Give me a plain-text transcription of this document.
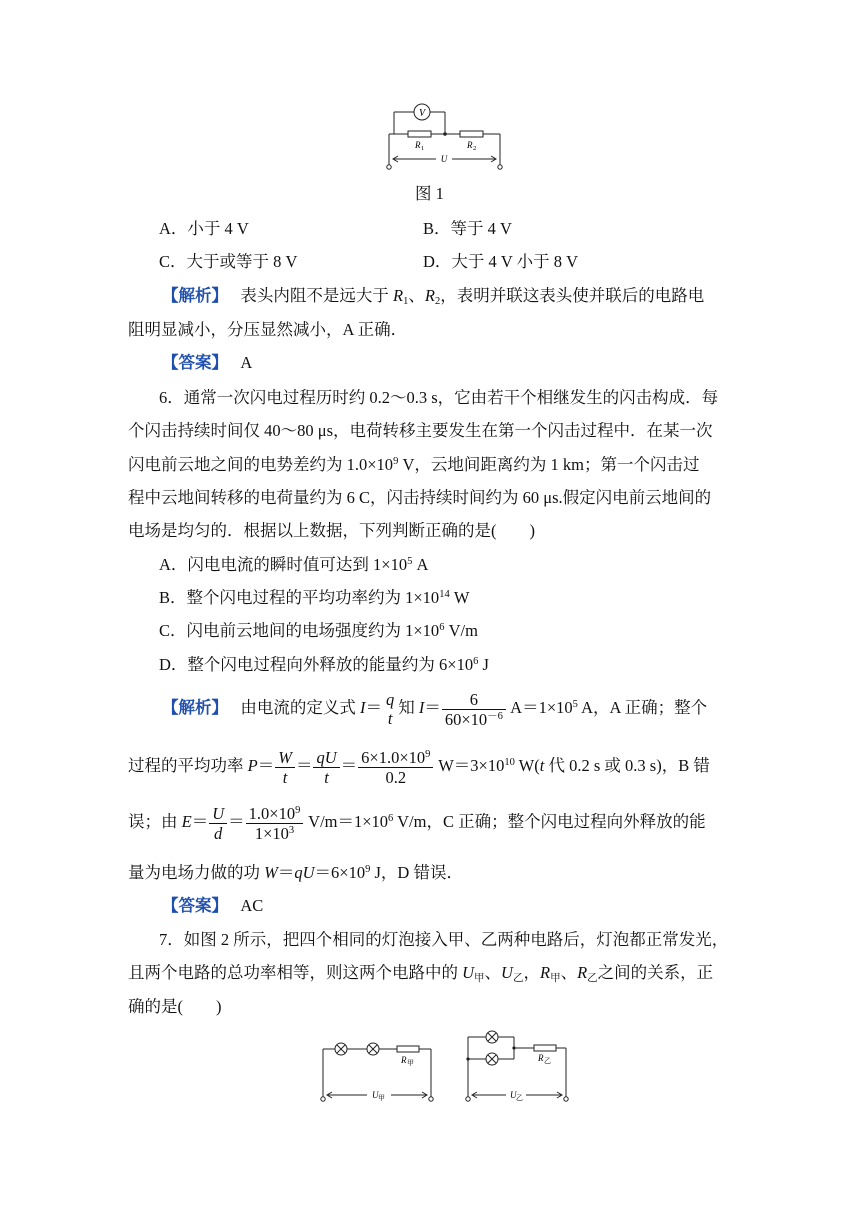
V
R 1	R 2
U
图 1
A．小于 4 V	B．等于 4 V
C．大于或等于 8 V	D．大于 4 V 小于 8 V
【解析】 表头内阻不是远大于 $R_1$、$R_2$，表明并联这表头使并联后的电路电
阻明显减小，分压显然减小，A 正确．
【答案】 A
6．通常一次闪电过程历时约 0.2～0.3 s，它由若干个相继发生的闪击构成．每
个闪击持续时间仅 40～80 μs，电荷转移主要发生在第一个闪击过程中．在某一次
闪电前云地之间的电势差约为 $1.0\times 10^9$ V，云地间距离约为 1 km；第一个闪击过
程中云地间转移的电荷量约为 6 C，闪击持续时间约为 60 μs.假定闪电前云地间的
电场是均匀的．根据以上数据，下列判断正确的是(　　)
A．闪电电流的瞬时值可达到 $1\times 10^5$ A
B．整个闪电过程的平均功率约为 $1\times 10^{14}$ W
C．闪电前云地间的电场强度约为 $1\times 10^6$ V/m
D．整个闪电过程向外释放的能量约为 $6\times 10^6$ J
【解析】 由电流的定义式 I＝ q
t
知 $I= \frac{6}{60\times 10^{-6}} A=1\times 10^5$ A，A 正确；整个
过程的平均功率 $P= \frac{W}{t} = \frac{qU}{t} = \frac{6\times 1.0\times 10^9}{0.2} W=3\times 10^{10}$ W(t 代 0.2 s 或 0.3 s)，B 错
误；由 $E= \frac{U}{d} = \frac{1.0\times 10^9}{1\times 10^3} V/m=1\times 10^6$ V/m，C 正确；整个闪电过程向外释放的能
量为电场力做的功 $W=qU=6\times 10^9$ J，D 错误．
【答案】 AC
7．如图 2 所示，把四个相同的灯泡接入甲、乙两种电路后，灯泡都正常发光，
且两个电路的总功率相等，则这两个电路中的 $U_甲$、$U_乙$，$R_甲$、$R_乙$之间的关系，正
确的是(　　)
R 甲
U 甲
R 乙
U 乙
